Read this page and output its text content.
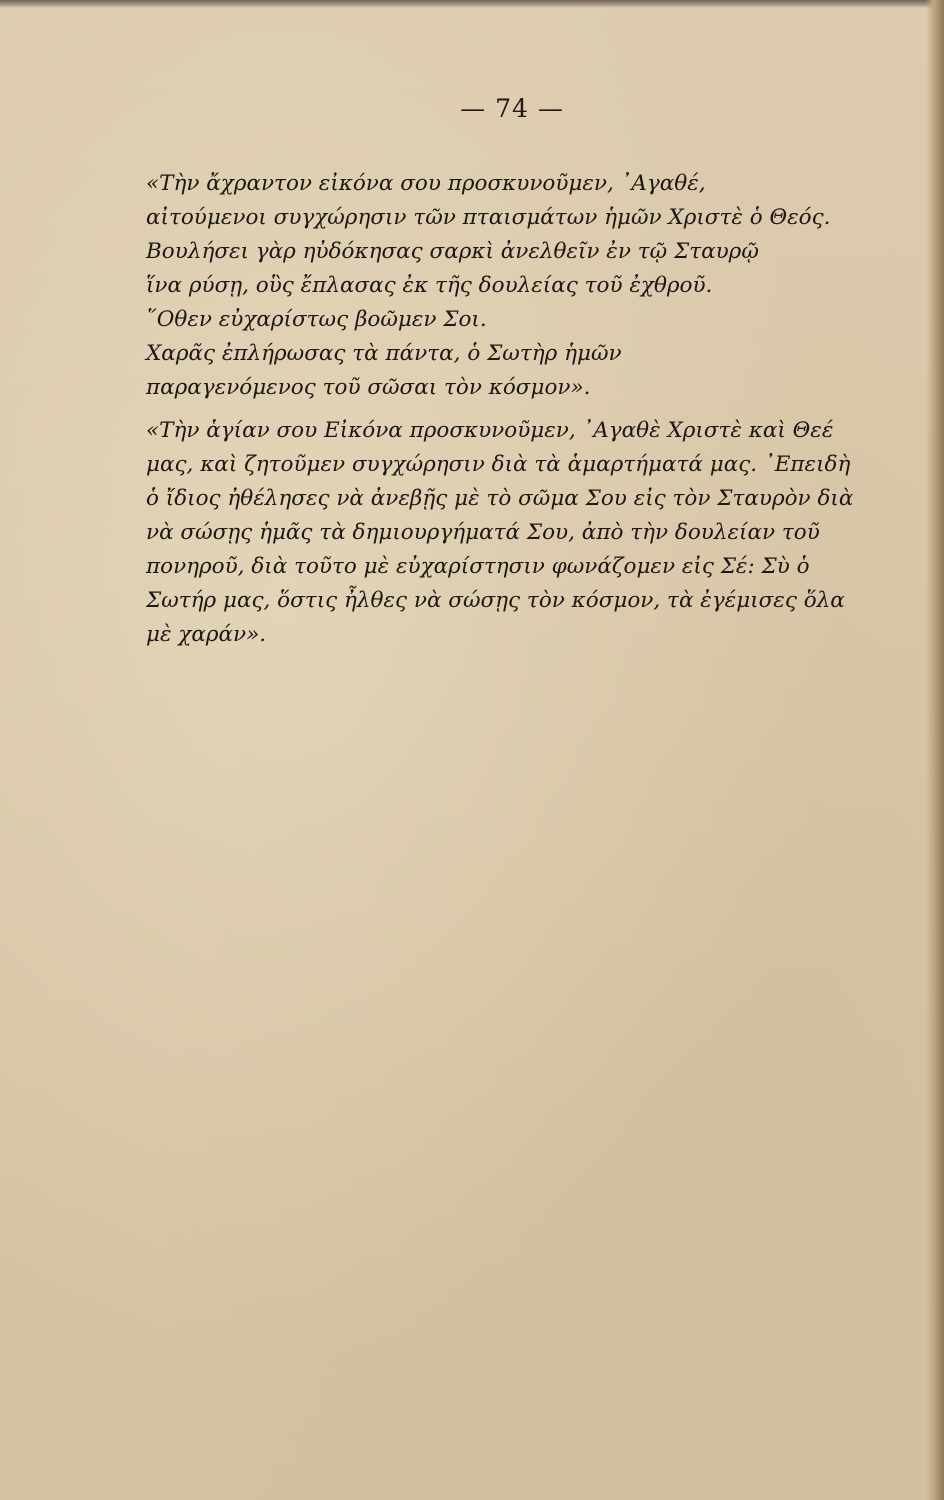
— 74 —
«Τὴν ἄχραντον εἰκόνα σου προσκυνοῦμεν, ᾿Αγαθέ,
αἰτούμενοι συγχώρησιν τῶν πταισμάτων ἡμῶν Χριστὲ ὁ Θεός.
Βουλήσει γὰρ ηὐδόκησας σαρκὶ ἀνελθεῖν ἐν τῷ Σταυρῷ
ἵνα ρύσῃ, οὓς ἔπλασας ἐκ τῆς δουλείας τοῦ ἐχθροῦ.
῞Οθεν εὐχαρίστως βοῶμεν Σοι.
Χαρᾶς ἐπλήρωσας τὰ πάντα, ὁ Σωτὴρ ἡμῶν
παραγενόμενος τοῦ σῶσαι τὸν κόσμον».
«Τὴν ἁγίαν σου Εἰκόνα προσκυνοῦμεν, ᾿Αγαθὲ Χριστὲ καὶ Θεέ
μας, καὶ ζητοῦμεν συγχώρησιν διὰ τὰ ἁμαρτήματά μας. ᾿Επειδὴ
ὁ ἴδιος ἠθέλησες νὰ ἀνεβῇς μὲ τὸ σῶμα Σου εἰς τὸν Σταυρὸν διὰ
νὰ σώσῃς ἡμᾶς τὰ δημιουργήματά Σου, ἀπὸ τὴν δουλείαν τοῦ
πονηροῦ, διὰ τοῦτο μὲ εὐχαρίστησιν φωνάζομεν εἰς Σέ: Σὺ ὁ
Σωτήρ μας, ὅστις ἦλθες νὰ σώσῃς τὸν κόσμον, τὰ ἐγέμισες ὅλα
μὲ χαράν».
